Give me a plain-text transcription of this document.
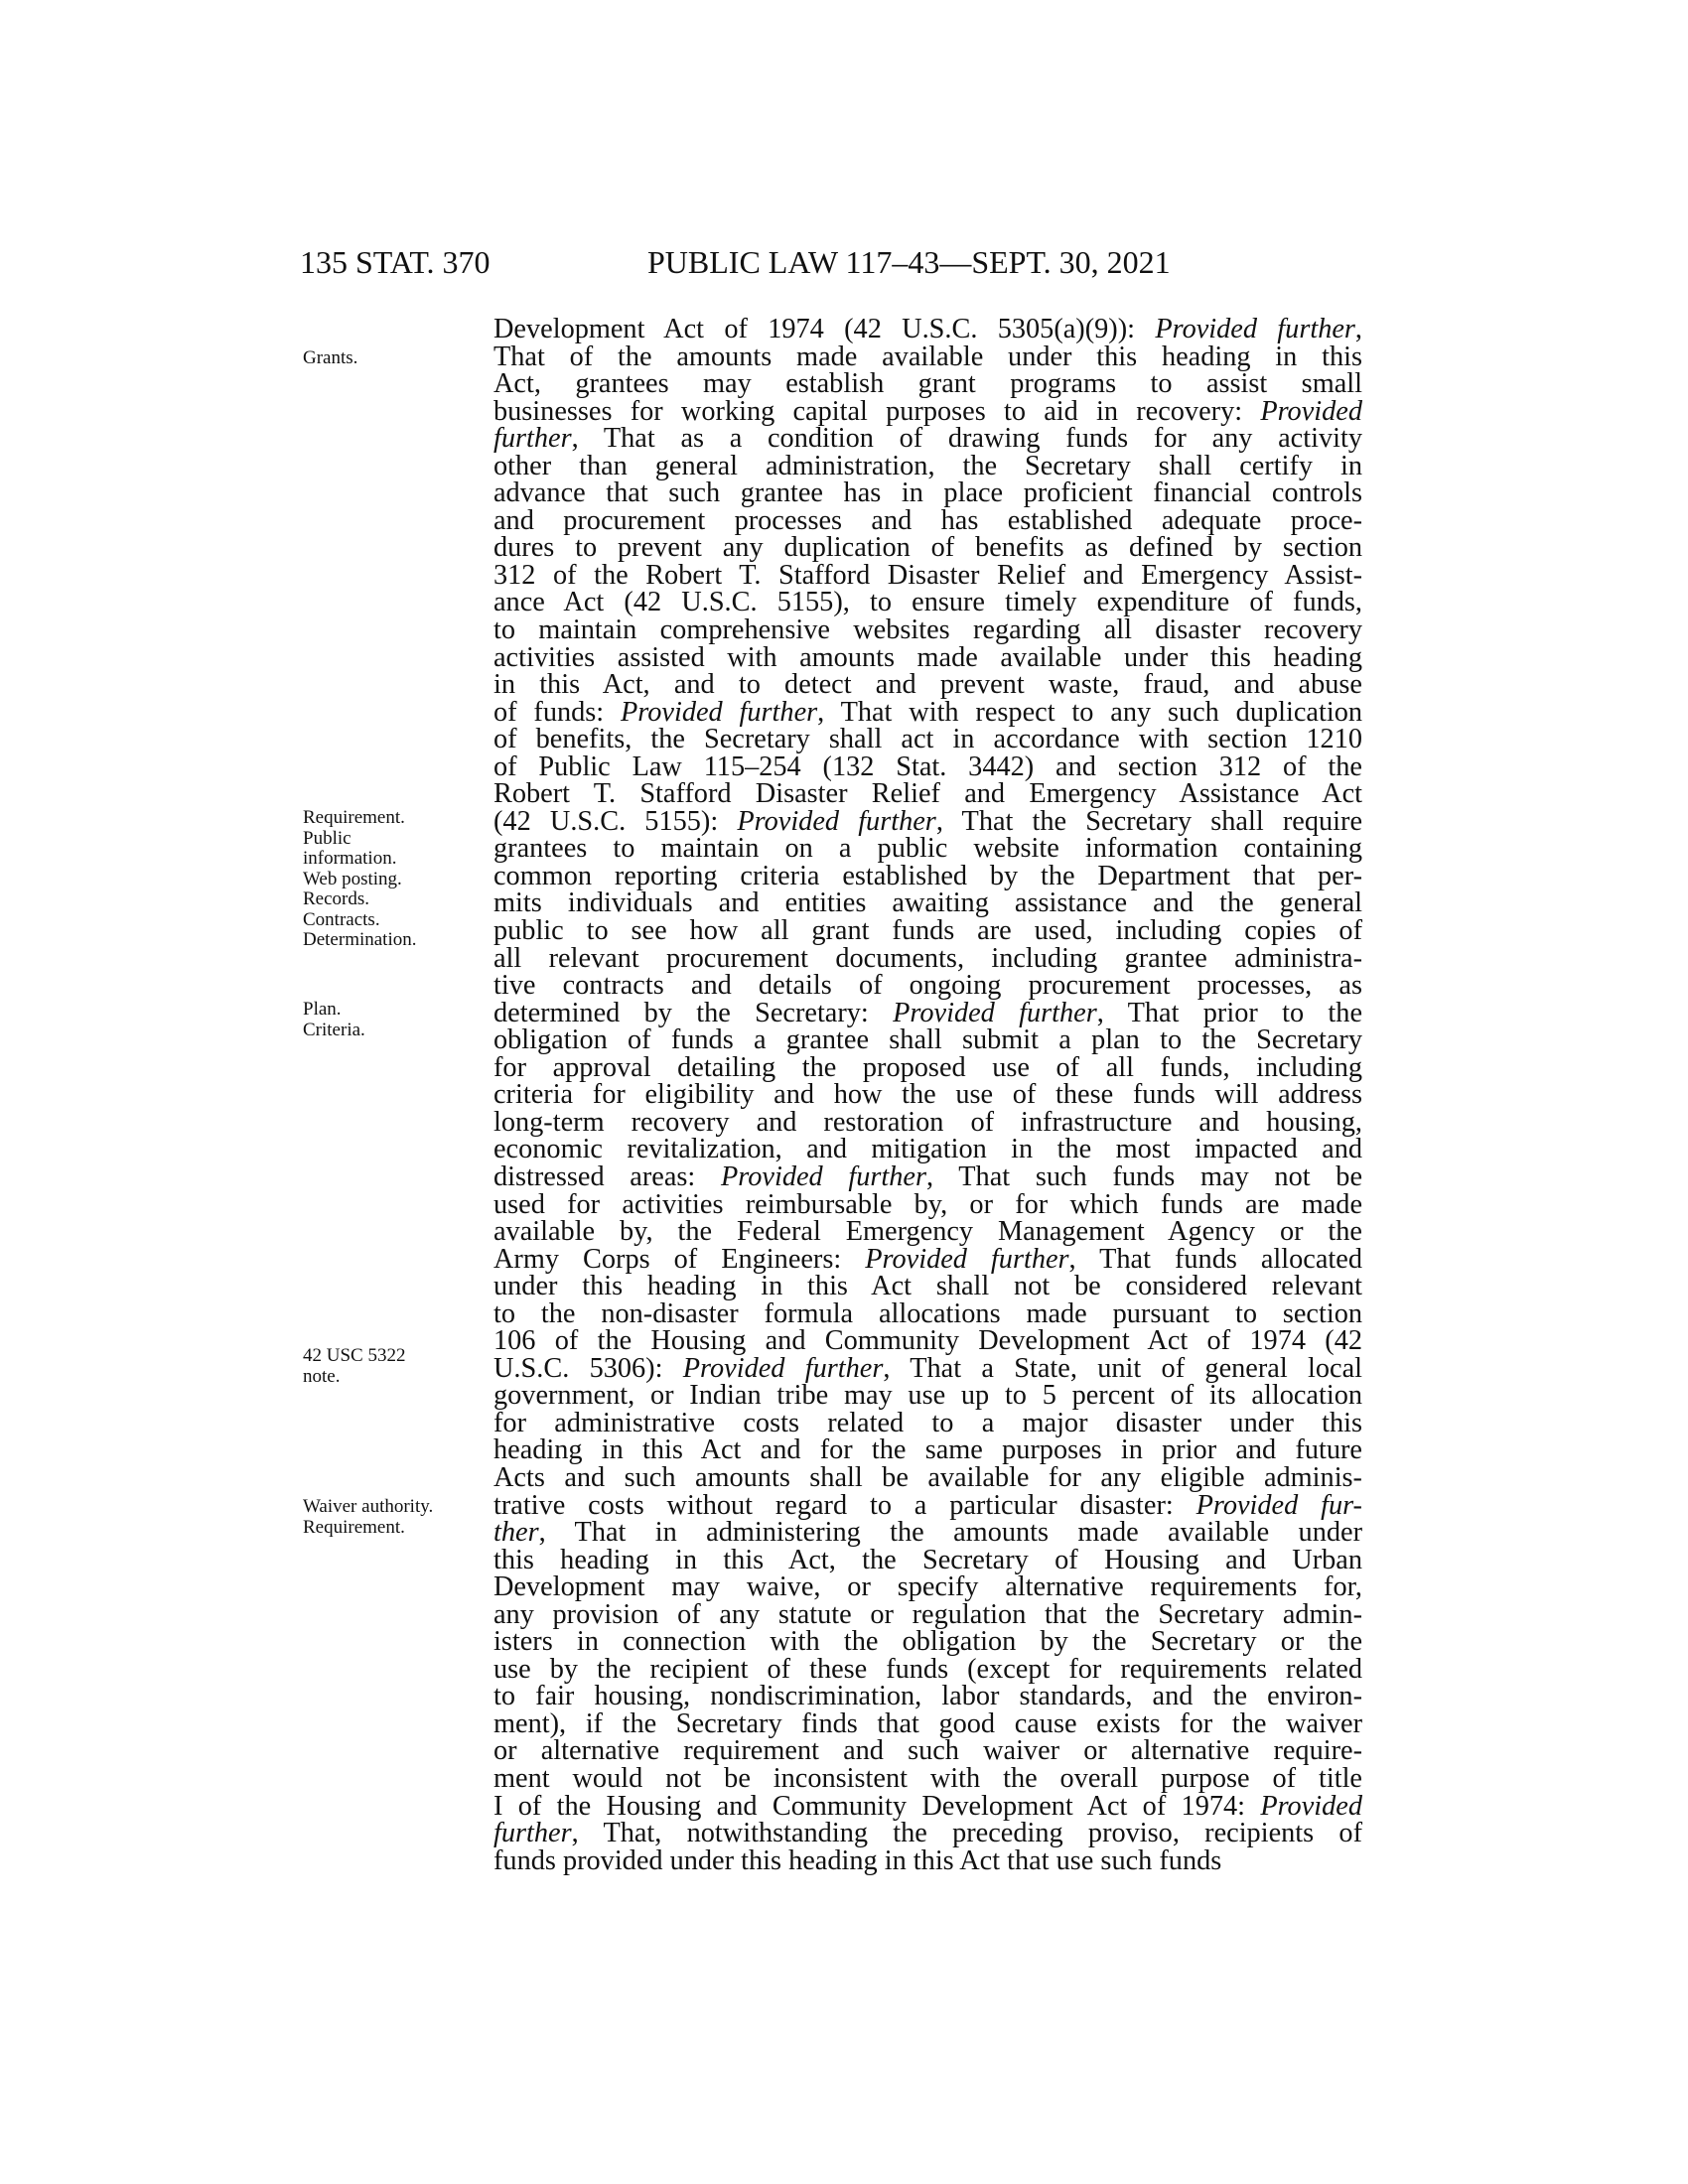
135 STAT. 370	PUBLIC LAW 117–43—SEPT. 30, 2021
Grants.
Requirement.
Public
information.
Web posting.
Records.
Contracts.
Determination.
Plan.
Criteria.
42 USC 5322
note.
Waiver authority.
Requirement.
Development Act of 1974 (42 U.S.C. 5305(a)(9)): Provided further,
That of the amounts made available under this heading in this
Act, grantees may establish grant programs to assist small
businesses for working capital purposes to aid in recovery: Provided
further, That as a condition of drawing funds for any activity
other than general administration, the Secretary shall certify in
advance that such grantee has in place proficient financial controls
and procurement processes and has established adequate proce-
dures to prevent any duplication of benefits as defined by section
312 of the Robert T. Stafford Disaster Relief and Emergency Assist-
ance Act (42 U.S.C. 5155), to ensure timely expenditure of funds,
to maintain comprehensive websites regarding all disaster recovery
activities assisted with amounts made available under this heading
in this Act, and to detect and prevent waste, fraud, and abuse
of funds: Provided further, That with respect to any such duplication
of benefits, the Secretary shall act in accordance with section 1210
of Public Law 115–254 (132 Stat. 3442) and section 312 of the
Robert T. Stafford Disaster Relief and Emergency Assistance Act
(42 U.S.C. 5155): Provided further, That the Secretary shall require
grantees to maintain on a public website information containing
common reporting criteria established by the Department that per-
mits individuals and entities awaiting assistance and the general
public to see how all grant funds are used, including copies of
all relevant procurement documents, including grantee administra-
tive contracts and details of ongoing procurement processes, as
determined by the Secretary: Provided further, That prior to the
obligation of funds a grantee shall submit a plan to the Secretary
for approval detailing the proposed use of all funds, including
criteria for eligibility and how the use of these funds will address
long-term recovery and restoration of infrastructure and housing,
economic revitalization, and mitigation in the most impacted and
distressed areas: Provided further, That such funds may not be
used for activities reimbursable by, or for which funds are made
available by, the Federal Emergency Management Agency or the
Army Corps of Engineers: Provided further, That funds allocated
under this heading in this Act shall not be considered relevant
to the non-disaster formula allocations made pursuant to section
106 of the Housing and Community Development Act of 1974 (42
U.S.C. 5306): Provided further, That a State, unit of general local
government, or Indian tribe may use up to 5 percent of its allocation
for administrative costs related to a major disaster under this
heading in this Act and for the same purposes in prior and future
Acts and such amounts shall be available for any eligible adminis-
trative costs without regard to a particular disaster: Provided fur-
ther, That in administering the amounts made available under
this heading in this Act, the Secretary of Housing and Urban
Development may waive, or specify alternative requirements for,
any provision of any statute or regulation that the Secretary admin-
isters in connection with the obligation by the Secretary or the
use by the recipient of these funds (except for requirements related
to fair housing, nondiscrimination, labor standards, and the environ-
ment), if the Secretary finds that good cause exists for the waiver
or alternative requirement and such waiver or alternative require-
ment would not be inconsistent with the overall purpose of title
I of the Housing and Community Development Act of 1974: Provided
further, That, notwithstanding the preceding proviso, recipients of
funds provided under this heading in this Act that use such funds
